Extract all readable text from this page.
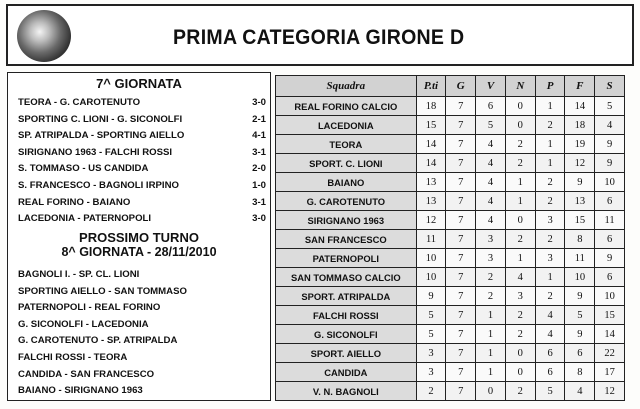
PRIMA CATEGORIA GIRONE D
7^ GIORNATA
TEORA - G. CAROTENUTO	3-0
SPORTING C. LIONI - G. SICONOLFI	2-1
SP. ATRIPALDA - SPORTING AIELLO	4-1
SIRIGNANO 1963 - FALCHI ROSSI	3-1
S. TOMMASO - US CANDIDA	2-0
S. FRANCESCO - BAGNOLI IRPINO	1-0
REAL FORINO - BAIANO	3-1
LACEDONIA - PATERNOPOLI	3-0
PROSSIMO TURNO
8^ GIORNATA - 28/11/2010
BAGNOLI I. - SP. CL. LIONI
SPORTING AIELLO - SAN TOMMASO
PATERNOPOLI - REAL FORINO
G. SICONOLFI - LACEDONIA
G. CAROTENUTO - SP. ATRIPALDA
FALCHI ROSSI - TEORA
CANDIDA - SAN FRANCESCO
BAIANO - SIRIGNANO 1963
Squadra	P.ti	G	V	N	P	F	S
REAL FORINO CALCIO	18	7	6	0	1	14	5
LACEDONIA	15	7	5	0	2	18	4
TEORA	14	7	4	2	1	19	9
SPORT. C. LIONI	14	7	4	2	1	12	9
BAIANO	13	7	4	1	2	9	10
G. CAROTENUTO	13	7	4	1	2	13	6
SIRIGNANO 1963	12	7	4	0	3	15	11
SAN FRANCESCO	11	7	3	2	2	8	6
PATERNOPOLI	10	7	3	1	3	11	9
SAN TOMMASO CALCIO	10	7	2	4	1	10	6
SPORT. ATRIPALDA	9	7	2	3	2	9	10
FALCHI ROSSI	5	7	1	2	4	5	15
G. SICONOLFI	5	7	1	2	4	9	14
SPORT. AIELLO	3	7	1	0	6	6	22
CANDIDA	3	7	1	0	6	8	17
V. N. BAGNOLI	2	7	0	2	5	4	12
